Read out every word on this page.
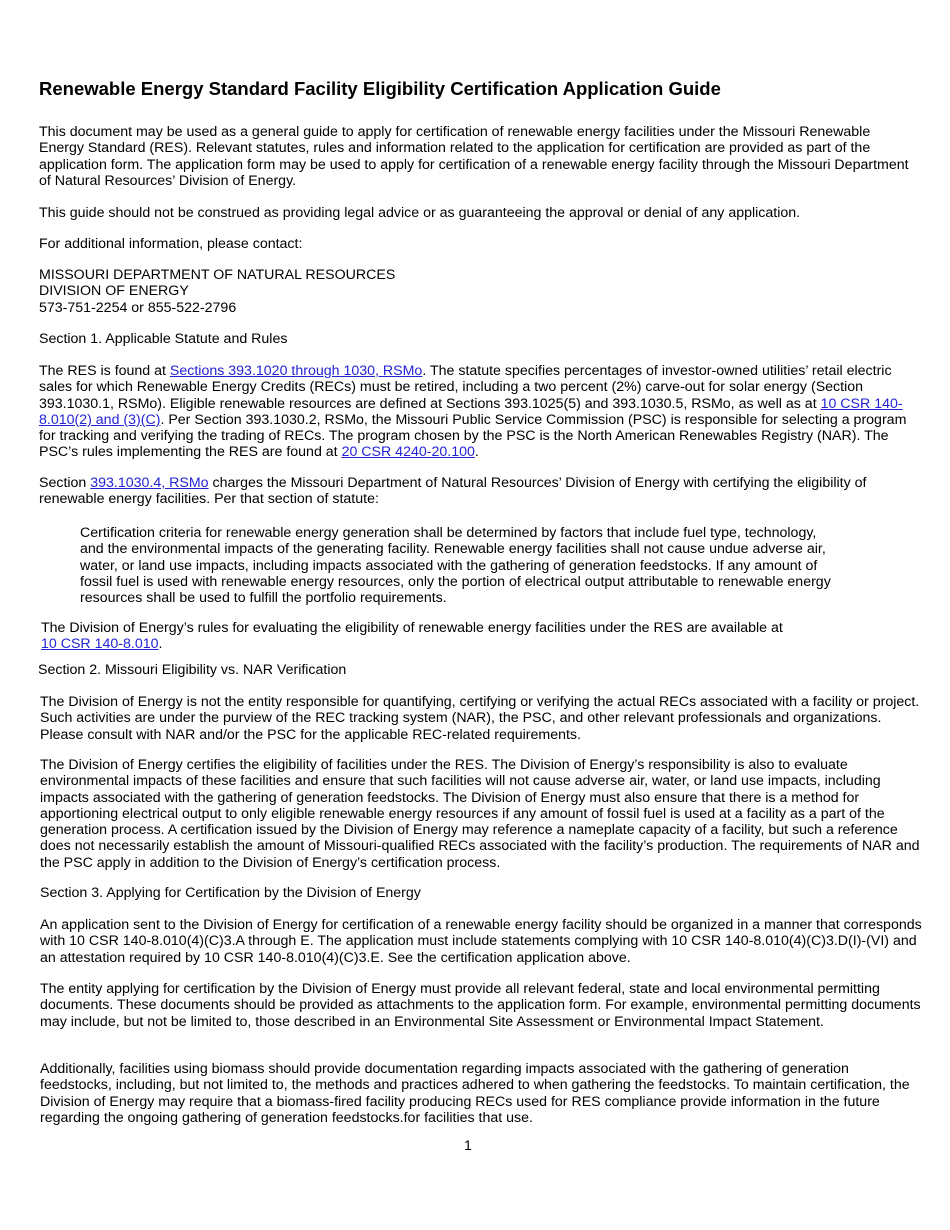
Renewable Energy Standard Facility Eligibility Certification Application Guide

This document may be used as a general guide to apply for certification of renewable energy facilities under the Missouri Renewable Energy Standard (RES). Relevant statutes, rules and information related to the application for certification are provided as part of the application form. The application form may be used to apply for certification of a renewable energy facility through the Missouri Department of Natural Resources’ Division of Energy.

This guide should not be construed as providing legal advice or as guaranteeing the approval or denial of any application.

For additional information, please contact:

MISSOURI DEPARTMENT OF NATURAL RESOURCES
DIVISION OF ENERGY
573-751-2254 or 855-522-2796

Section 1. Applicable Statute and Rules

The RES is found at Sections 393.1020 through 1030, RSMo. The statute specifies percentages of investor-owned utilities’ retail electric sales for which Renewable Energy Credits (RECs) must be retired, including a two percent (2%) carve-out for solar energy (Section 393.1030.1, RSMo). Eligible renewable resources are defined at Sections 393.1025(5) and 393.1030.5, RSMo, as well as at 10 CSR 140-8.010(2) and (3)(C). Per Section 393.1030.2, RSMo, the Missouri Public Service Commission (PSC) is responsible for selecting a program for tracking and verifying the trading of RECs. The program chosen by the PSC is the North American Renewables Registry (NAR). The PSC’s rules implementing the RES are found at 20 CSR 4240-20.100.

Section 393.1030.4, RSMo charges the Missouri Department of Natural Resources’ Division of Energy with certifying the eligibility of renewable energy facilities. Per that section of statute:

Certification criteria for renewable energy generation shall be determined by factors that include fuel type, technology, and the environmental impacts of the generating facility. Renewable energy facilities shall not cause undue adverse air, water, or land use impacts, including impacts associated with the gathering of generation feedstocks. If any amount of fossil fuel is used with renewable energy resources, only the portion of electrical output attributable to renewable energy resources shall be used to fulfill the portfolio requirements.

The Division of Energy’s rules for evaluating the eligibility of renewable energy facilities under the RES are available at
10 CSR 140-8.010.

Section 2. Missouri Eligibility vs. NAR Verification

The Division of Energy is not the entity responsible for quantifying, certifying or verifying the actual RECs associated with a facility or project. Such activities are under the purview of the REC tracking system (NAR), the PSC, and other relevant professionals and organizations. Please consult with NAR and/or the PSC for the applicable REC-related requirements.

The Division of Energy certifies the eligibility of facilities under the RES. The Division of Energy’s responsibility is also to evaluate environmental impacts of these facilities and ensure that such facilities will not cause adverse air, water, or land use impacts, including impacts associated with the gathering of generation feedstocks. The Division of Energy must also ensure that there is a method for apportioning electrical output to only eligible renewable energy resources if any amount of fossil fuel is used at a facility as a part of the generation process. A certification issued by the Division of Energy may reference a nameplate capacity of a facility, but such a reference does not necessarily establish the amount of Missouri-qualified RECs associated with the facility’s production. The requirements of NAR and the PSC apply in addition to the Division of Energy’s certification process.

Section 3. Applying for Certification by the Division of Energy

An application sent to the Division of Energy for certification of a renewable energy facility should be organized in a manner that corresponds with 10 CSR 140-8.010(4)(C)3.A through E. The application must include statements complying with 10 CSR 140-8.010(4)(C)3.D(I)-(VI) and an attestation required by 10 CSR 140-8.010(4)(C)3.E. See the certification application above.

The entity applying for certification by the Division of Energy must provide all relevant federal, state and local environmental permitting documents. These documents should be provided as attachments to the application form. For example, environmental permitting documents may include, but not be limited to, those described in an Environmental Site Assessment or Environmental Impact Statement.

Additionally, facilities using biomass should provide documentation regarding impacts associated with the gathering of generation feedstocks, including, but not limited to, the methods and practices adhered to when gathering the feedstocks. To maintain certification, the Division of Energy may require that a biomass-fired facility producing RECs used for RES compliance provide information in the future regarding the ongoing gathering of generation feedstocks.for facilities that use.

1
